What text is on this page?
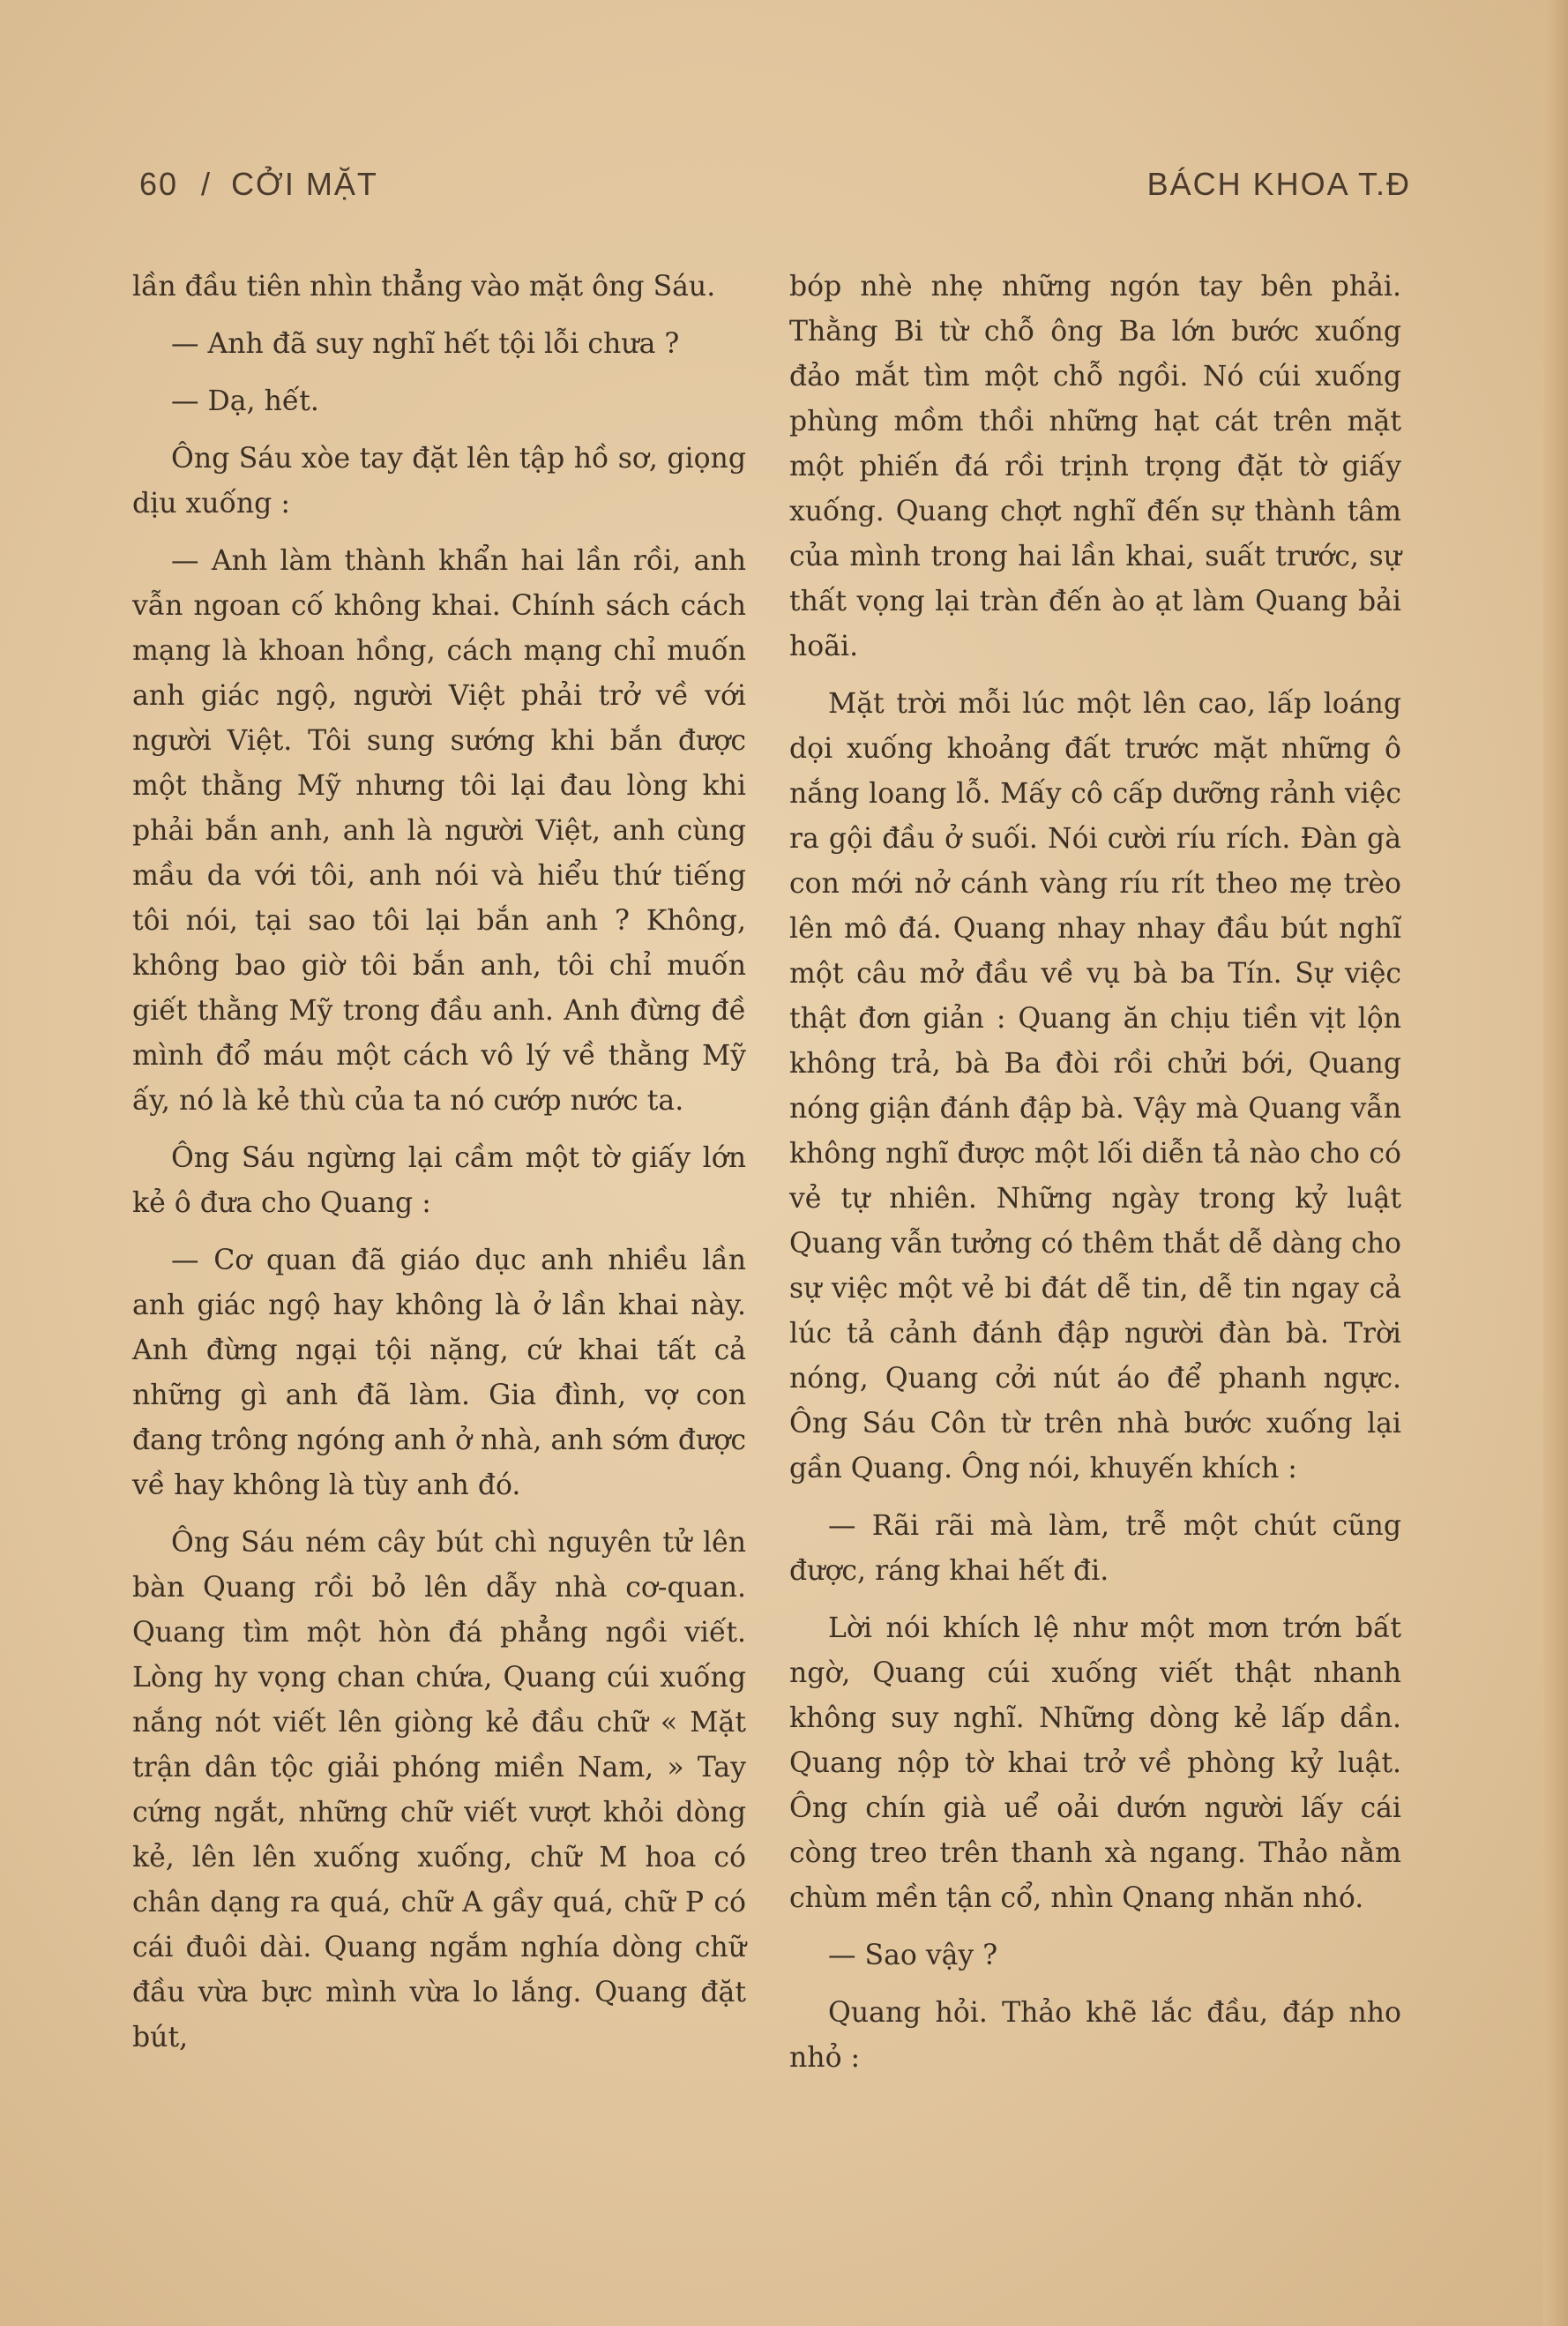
60 / CỞI MẶT	BÁCH KHOA T.Đ

lần đầu tiên nhìn thẳng vào mặt ông Sáu.

— Anh đã suy nghĩ hết tội lỗi chưa ?

— Dạ, hết.

Ông Sáu xòe tay đặt lên tập hồ sơ, giọng dịu xuống :

— Anh làm thành khẩn hai lần rồi, anh vẫn ngoan cố không khai. Chính sách cách mạng là khoan hồng, cách mạng chỉ muốn anh giác ngộ, người Việt phải trở về với người Việt. Tôi sung sướng khi bắn được một thằng Mỹ nhưng tôi lại đau lòng khi phải bắn anh, anh là người Việt, anh cùng mầu da với tôi, anh nói và hiểu thứ tiếng tôi nói, tại sao tôi lại bắn anh ? Không, không bao giờ tôi bắn anh, tôi chỉ muốn giết thằng Mỹ trong đầu anh. Anh đừng đề mình đổ máu một cách vô lý về thằng Mỹ ấy, nó là kẻ thù của ta nó cướp nước ta.

Ông Sáu ngừng lại cầm một tờ giấy lớn kẻ ô đưa cho Quang :

— Cơ quan đã giáo dục anh nhiều lần anh giác ngộ hay không là ở lần khai này. Anh đừng ngại tội nặng, cứ khai tất cả những gì anh đã làm. Gia đình, vợ con đang trông ngóng anh ở nhà, anh sớm được về hay không là tùy anh đó.

Ông Sáu ném cây bút chì nguyên tử lên bàn Quang rồi bỏ lên dẫy nhà cơ-quan. Quang tìm một hòn đá phẳng ngồi viết. Lòng hy vọng chan chứa, Quang cúi xuống nắng nót viết lên giòng kẻ đầu chữ « Mặt trận dân tộc giải phóng miền Nam, » Tay cứng ngắt, những chữ viết vượt khỏi dòng kẻ, lên lên xuống xuống, chữ M hoa có chân dạng ra quá, chữ A gầy quá, chữ P có cái đuôi dài. Quang ngắm nghía dòng chữ đầu vừa bực mình vừa lo lắng. Quang đặt bút,

bóp nhè nhẹ những ngón tay bên phải. Thằng Bi từ chỗ ông Ba lớn bước xuống đảo mắt tìm một chỗ ngồi. Nó cúi xuống phùng mồm thồi những hạt cát trên mặt một phiến đá rồi trịnh trọng đặt tờ giấy xuống. Quang chợt nghĩ đến sự thành tâm của mình trong hai lần khai, suất trước, sự thất vọng lại tràn đến ào ạt làm Quang bải hoãi.

Mặt trời mỗi lúc một lên cao, lấp loáng dọi xuống khoảng đất trước mặt những ô nắng loang lỗ. Mấy cô cấp dưỡng rảnh việc ra gội đầu ở suối. Nói cười ríu rích. Đàn gà con mới nở cánh vàng ríu rít theo mẹ trèo lên mô đá. Quang nhay nhay đầu bút nghĩ một câu mở đầu về vụ bà ba Tín. Sự việc thật đơn giản : Quang ăn chịu tiền vịt lộn không trả, bà Ba đòi rồi chửi bới, Quang nóng giận đánh đập bà. Vậy mà Quang vẫn không nghĩ được một lối diễn tả nào cho có vẻ tự nhiên. Những ngày trong kỷ luật Quang vẫn tưởng có thêm thắt dễ dàng cho sự việc một vẻ bi đát dễ tin, dễ tin ngay cả lúc tả cảnh đánh đập người đàn bà. Trời nóng, Quang cởi nút áo để phanh ngực. Ông Sáu Côn từ trên nhà bước xuống lại gần Quang. Ông nói, khuyến khích :

— Rãi rãi mà làm, trễ một chút cũng được, ráng khai hết đi.

Lời nói khích lệ như một mơn trớn bất ngờ, Quang cúi xuống viết thật nhanh không suy nghĩ. Những dòng kẻ lấp dần. Quang nộp tờ khai trở về phòng kỷ luật. Ông chín già uể oải dướn người lấy cái còng treo trên thanh xà ngang. Thảo nằm chùm mền tận cổ, nhìn Qnang nhăn nhó.

— Sao vậy ?

Quang hỏi. Thảo khẽ lắc đầu, đáp nho nhỏ :
